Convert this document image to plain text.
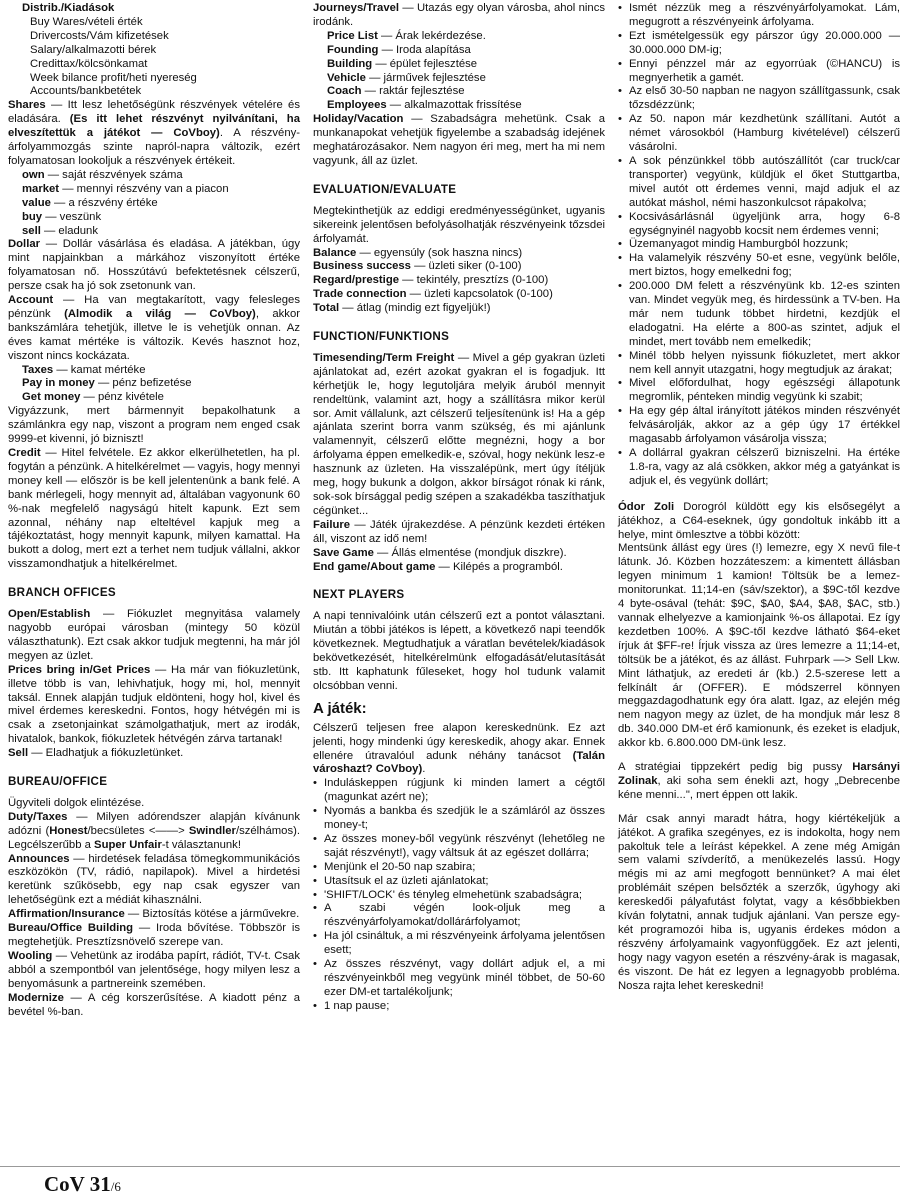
Distrib./Kiadások
Buy Wares/vételi érték
Drivercosts/Vám kifizetések
Salary/alkalmazotti bérek
Credittax/kölcsönkamat
Week bilance profit/heti nyereség
Accounts/bankbetétek

Shares — Itt lesz lehetőségünk részvények vételére és eladására. (Es itt lehet részvényt nyilvánítani, ha elveszítettük a játékot — CoVboy). A részvény-árfolyammozgás szinte napról-napra változik, ezért folyamatosan lookoljuk a részvények értékeit.

own — saját részvények száma
market — mennyi részvény van a piacon
value — a részvény értéke
buy — veszünk
sell — eladunk

Dollar — Dollár vásárlása és eladása. A játékban, úgy mint napjainkban a márkához viszonyított értéke folyamatosan nő. Hosszútávú befektetésnek célszerű, persze csak ha jó sok zsetonunk van.

Account — Ha van megtakarított, vagy felesleges pénzünk (Almodik a világ — CoVboy), akkor bankszámlára tehetjük, illetve le is vehetjük onnan. Az éves kamat mértéke is változik. Kevés hasznot hoz, viszont nincs kockázata.

Taxes — kamat mértéke
Pay in money — pénz befizetése
Get money — pénz kivétele

Vigyázzunk, mert bármennyit bepakolhatunk a számlánkra egy nap, viszont a program nem enged csak 9999-et kivenni, jó bizniszt!

Credit — Hitel felvétele. Ez akkor elkerülhetetlen, ha pl. fogytán a pénzünk. A hitelkérelmet — vagyis, hogy mennyi money kell — először is be kell jelentenünk a bank felé. A bank mérlegeli, hogy mennyit ad, általában vagyonunk 60 %-nak megfelelő nagyságú hitelt kapunk. Ezt sem azonnal, néhány nap elteltével kapjuk meg a tájékoztatást, hogy mennyit kapunk, milyen kamattal. Ha bukott a dolog, mert ezt a terhet nem tudjuk vállalni, akkor visszamondhatjuk a hitelkérelmet.

BRANCH OFFICES

Open/Establish — Fiókuzlet megnyitása valamely nagyobb európai városban (mintegy 50 közül választhatunk). Ezt csak akkor tudjuk megtenni, ha már jól megyen az üzlet.

Prices bring in/Get Prices — Ha már van fiókuzletünk, illetve több is van, lehivhatjuk, hogy mi, hol, mennyit taksál. Ennek alapján tudjuk eldönteni, hogy hol, kivel és mivel érdemes kereskedni. Fontos, hogy hétvégén mi is csak a zsetonjainkat számolgathatjuk, mert az irodák, hivatalok, bankok, fiókuzletek hétvégén zárva tartanak!

Sell — Eladhatjuk a fiókuzletünket.

BUREAU/OFFICE

Ügyviteli dolgok elintézése.

Duty/Taxes — Milyen adórendszer alapján kívánunk adózni (Honest/becsületes <——> Swindler/szélhámos). Legcélszerűbb a Super Unfair-t választanunk!

Announces — hirdetések feladása tömegkommunikációs eszközökön (TV, rádió, napilapok). Mivel a hirdetési keretünk szűkösebb, egy nap csak egyszer van lehetőségünk ezt a médiát kihasználni.

Affirmation/Insurance — Biztosítás kötése a járművekre.

Bureau/Office Building — Iroda bővítése. Többször is megtehetjük. Presztízsnövelő szerepe van.

Wooling — Vehetünk az irodába papírt, rádiót, TV-t. Csak abból a szempontból van jelentősége, hogy milyen lesz a benyomásunk a partnereink szemében.

Modernize — A cég korszerűsítése. A kiadott pénz a bevétel %-ban.

Journeys/Travel — Utazás egy olyan városba, ahol nincs irodánk.

Price List — Árak lekérdezése.
Founding — Iroda alapítása
Building — épület fejlesztése
Vehicle — járművek fejlesztése
Coach — raktár fejlesztése
Employees — alkalmazottak frissítése

Holiday/Vacation — Szabadságra mehetünk. Csak a munkanapokat vehetjük figyelembe a szabadság idejének meghatározásakor. Nem nagyon éri meg, mert ha mi nem vagyunk, áll az üzlet.

EVALUATION/EVALUATE

Megtekinthetjük az eddigi eredményességünket, ugyanis sikereink jelentősen befolyásolhatják részvényeink tőzsdei árfolyamát.

Balance — egyensúly (sok haszna nincs)
Business success — üzleti siker (0-100)
Regard/prestige — tekintély, presztízs (0-100)
Trade connection — üzleti kapcsolatok (0-100)
Total — átlag (mindig ezt figyeljük!)
FUNCTION/FUNKTIONS

Timesending/Term Freight — Mivel a gép gyakran üzleti ajánlatokat ad, ezért azokat gyakran el is fogadjuk. Itt kérhetjük le, hogy legutoljára melyik áruból mennyit rendeltünk, valamint azt, hogy a szállításra mikor kerül sor. Amit vállalunk, azt célszerű teljesítenünk is! Ha a gép ajánlata szerint borra vanm szükség, és mi ajánlunk valamennyit, célszerű előtte megnézni, hogy a bor árfolyama éppen emelkedik-e, szóval, hogy nekünk lesz-e hasznunk az üzleten. Ha visszalépünk, mert úgy ítéljük meg, hogy bukunk a dolgon, akkor bírságot rónak ki ránk, sok-sok bírsággal pedig szépen a szakadékba taszíthatjuk cégünket...

Failure — Játék újrakezdése. A pénzünk kezdeti értéken áll, viszont az idő nem!

Save Game — Állás elmentése (mondjuk diszkre).

End game/About game — Kilépés a programból.

NEXT PLAYERS

A napi tennivalóink után célszerű ezt a pontot választani. Miután a többi játékos is lépett, a következő napi teendők következnek. Megtudhatjuk a váratlan bevételek/kiadások bekövetkezését, hitelkérelmünk elfogadását/elutasítását stb. Itt kaphatunk fűleseket, hogy hol tudunk valamit olcsóbban venni.

A játék:

Célszerű teljesen free alapon kereskednünk. Ez azt jelenti, hogy mindenki úgy kereskedik, ahogy akar. Ennek ellenére útravalóul adunk néhány tanácsot (Talán városhazt? CoVboy).

• Induláskeppen rúgjunk ki minden lamert a cégtől (magunkat azért ne);
• Nyomás a bankba és szedjük le a számláról az összes money-t;
• Az összes money-ből vegyünk részvényt (lehetőleg ne saját részvényt!), vagy váltsuk át az egészet dollárra;
• Menjünk el 20-50 nap szabira;
• Utasítsuk el az üzleti ajánlatokat;
• 'SHIFT/LOCK' és tényleg elmehetünk szabadságra;
• A szabi végén look-oljuk meg a részvényárfolyamokat/dollárárfolyamot;
• Ha jól csináltuk, a mi részvényeink árfolyama jelentősen esett;
• Az összes részvényt, vagy dollárt adjuk el, a mi részvényeinkből meg vegyünk minél többet, de 50-60 ezer DM-et tartalékoljunk;
• 1 nap pause;
• Ismét nézzük meg a részvényárfolyamokat. Lám, megugrott a részvényeink árfolyama.
• Ezt ismételgessük egy párszor úgy 20.000.000 — 30.000.000 DM-ig;
• Ennyi pénzzel már az egyorrúak (©HANCU) is megnyerhetik a gamét.
• Az első 30-50 napban ne nagyon szállítgassunk, csak tőzsdézzünk;
• Az 50. napon már kezdhetünk szállítani. Autót a német városokból (Hamburg kivételével) célszerű vásárolni.
• A sok pénzünkkel több autószállítót (car truck/car transporter) vegyünk, küldjük el őket Stuttgartba, mivel autót ott érdemes venni, majd adjuk el az autókat máshol, némi haszonkulcsot rápakolva;
• Kocsivásárlásnál ügyeljünk arra, hogy 6-8 egységnyinél nagyobb kocsit nem érdemes venni;
• Üzemanyagot mindig Hamburgból hozzunk;
• Ha valamelyik részvény 50-et esne, vegyünk belőle, mert biztos, hogy emelkedni fog;
• 200.000 DM felett a részvényünk kb. 12-es szinten van. Mindet vegyük meg, és hirdessünk a TV-ben. Ha már nem tudunk többet hirdetni, kezdjük el eladogatni. Ha elérte a 800-as szintet, adjuk el mindet, mert tovább nem emelkedik;
• Minél több helyen nyissunk fiókuzletet, mert akkor nem kell annyit utazgatni, hogy megtudjuk az árakat;
• Mivel előfordulhat, hogy egészségi állapotunk megromlik, pénteken mindig vegyünk ki szabit;
• Ha egy gép által irányított játékos minden részvényét felvásárolják, akkor az a gép úgy 17 értékkel magasabb árfolyamon vásárolja vissza;
• A dollárral gyakran célszerű bizniszelni. Ha értéke 1.8-ra, vagy az alá csökken, akkor még a gatyánkat is adjuk el, és vegyünk dollárt;

Ódor Zoli Dorogról küldött egy kis elsősegélyt a játékhoz, a C64-eseknek, úgy gondoltuk inkább itt a helye, mint ömlesztve a többi között:

Mentsünk állást egy üres (!) lemezre, egy X nevű file-t látunk. Jó. Közben hozzáteszem: a kimentett állásban legyen minimum 1 kamion! Töltsük be a lemez-monitorunkat. 11;14-en (sáv/szektor), a $9C-től kezdve 4 byte-osával (tehát: $9C, $A0, $A4, $A8, $AC, stb.) vannak elhelyezve a kamionjaink %-os állapotai. Ez így kezdetben 100%. A $9C-től kezdve látható $64-eket írjuk át $FF-re! Írjuk vissza az üres lemezre a 11;14-et, töltsük be a játékot, és az állást. Fuhrpark —> Sell Lkw. Mint láthatjuk, az eredeti ár (kb.) 2.5-szerese lett a felkínált ár (OFFER). E módszerrel könnyen meggazdagodhatunk egy óra alatt. Igaz, az elején még nem nagyon megy az üzlet, de ha mondjuk már lesz 8 db. 340.000 DM-et érő kamionunk, és ezeket is eladjuk, akkor kb. 6.800.000 DM-ünk lesz.

A stratégiai tippzekért pedig big pussy Harsányi Zolinak, aki soha sem énekli azt, hogy „Debrecenbe kéne menni...", mert éppen ott lakik.

Már csak annyi maradt hátra, hogy kiértékeljük a játékot. A grafika szegényes, ez is indokolta, hogy nem pakoltuk tele a leírást képekkel. A zene még Amigán sem valami szívderítő, a menükezelés lassú. Hogy mégis mi az ami megfogott bennünket? A mai élet problémáit szépen belsőzték a szerzők, úgyhogy aki kereskedői pályafutást folytat, vagy a későbbiekben kíván folytatni, annak tudjuk ajánlani. Van persze egy-két programozói hiba is, ugyanis érdekes módon a részvény árfolyamaink vagyonfüggőek. Ez azt jelenti, hogy nagy vagyon esetén a részvény-árak is magasak, és viszont. De hát ez legyen a legnagyobb probléma. Nosza rajta lehet kereskedni!

CoV 31/6
